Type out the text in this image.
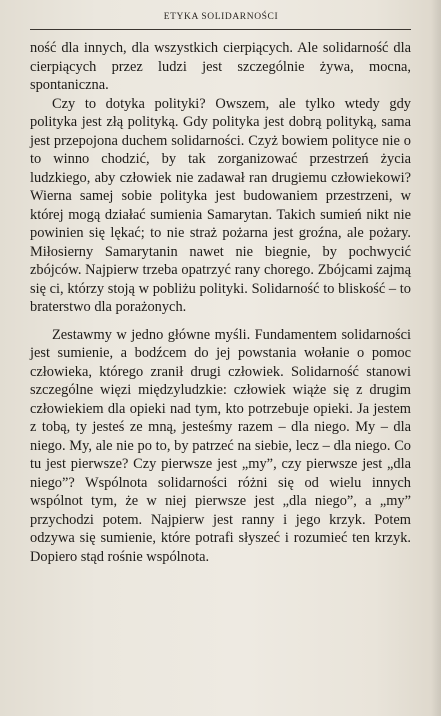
ETYKA SOLIDARNOŚCI

ność dla innych, dla wszystkich cierpiących. Ale solidarność dla cierpiących przez ludzi jest szczególnie żywa, mocna, spontaniczna.

Czy to dotyka polityki? Owszem, ale tylko wtedy gdy polityka jest złą polityką. Gdy polityka jest dobrą polityką, sama jest przepojona duchem solidarności. Czyż bowiem polityce nie o to winno chodzić, by tak zorganizować przestrzeń życia ludzkiego, aby człowiek nie zadawał ran drugiemu człowiekowi? Wierna samej sobie polityka jest budowaniem przestrzeni, w której mogą działać sumienia Samarytan. Takich sumień nikt nie powinien się lękać; to nie straż pożarna jest groźna, ale pożary. Miłosierny Samarytanin nawet nie biegnie, by pochwycić zbójców. Najpierw trzeba opatrzyć rany chorego. Zbójcami zajmą się ci, którzy stoją w pobliżu polityki. Solidarność to bliskość – to braterstwo dla porażonych.

Zestawmy w jedno główne myśli. Fundamentem solidarności jest sumienie, a bodźcem do jej powstania wołanie o pomoc człowieka, którego zranił drugi człowiek. Solidarność stanowi szczególne więzi międzyludzkie: człowiek wiąże się z drugim człowiekiem dla opieki nad tym, kto potrzebuje opieki. Ja jestem z tobą, ty jesteś ze mną, jesteśmy razem – dla niego. My – dla niego. My, ale nie po to, by patrzeć na siebie, lecz – dla niego. Co tu jest pierwsze? Czy pierwsze jest „my”, czy pierwsze jest „dla niego”? Wspólnota solidarności różni się od wielu innych wspólnot tym, że w niej pierwsze jest „dla niego”, a „my” przychodzi potem. Najpierw jest ranny i jego krzyk. Potem odzywa się sumienie, które potrafi słyszeć i rozumieć ten krzyk. Dopiero stąd rośnie wspólnota.
